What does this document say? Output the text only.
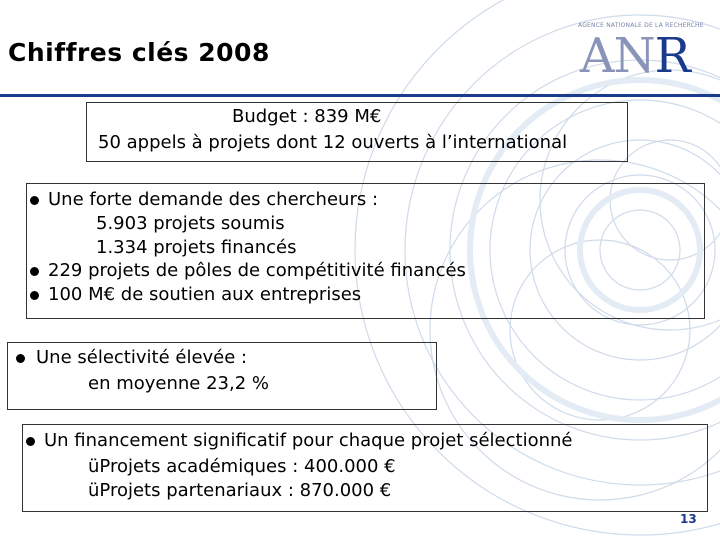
Chiffres clés 2008
AGENCE NATIONALE DE LA RECHERCHE
ANR
Budget : 839 M€
50 appels à projets dont 12 ouverts à l’international
Une forte demande des chercheurs :
5.903 projets soumis
1.334 projets financés
229 projets de pôles de compétitivité financés
100 M€ de soutien aux entreprises
Une sélectivité élevée :
en moyenne 23,2 %
Un financement significatif pour chaque projet sélectionné
üProjets académiques : 400.000 €
üProjets partenariaux : 870.000 €
13
